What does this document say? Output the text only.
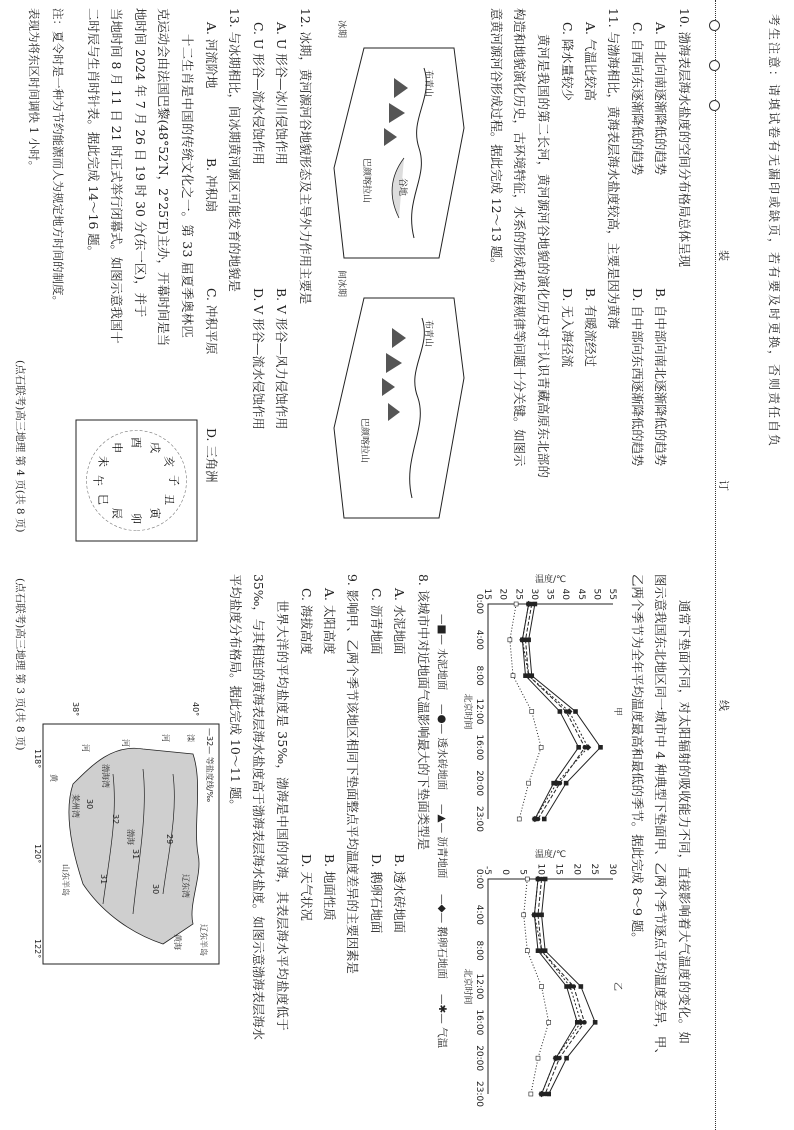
考生注意：请填试卷有无漏印或缺页，若有要及时更换，否则责任自负
装
订
线

10. 渤海表层海水盐度的空间分布格局总体呈现

A. 自北向南逐渐降低的趋势
B. 自中部向南北逐渐降低的趋势
C. 自西向东逐渐降低的趋势
D. 自中部向东西逐渐降低的趋势

11. 与渤海相比，黄海表层海水盐度较高，主要是因为黄海

A. 气温比较高
B. 有暖流经过
C. 降水量较少
D. 无入海径流

黄河是我国的第二长河，黄河源河谷地貌的演化历史对于认识青藏高原东北部的

构造和地貌演化历史，古环境特征，水系的形成和发展规律等问题十分关键。如图示

意黄河源河谷形成过程。据此完成 12～13 题。

冰期
布青山
巴颜喀拉山	谷地
间冰期
布青山
巴颜喀拉山

12. 冰期，黄河源河谷地貌形态及主导外力作用主要是

A. U 形谷—冰川侵蚀作用
B. V 形谷—风力侵蚀作用
C. U 形谷—流水侵蚀作用
D. V 形谷—流水侵蚀作用

13. 与冰期相比，间冰期黄河源区可能发育的地貌是

A. 河流阶地
B. 冲积扇
C. 冲积平原
D. 三角洲

十二生肖是中国的传统文化之一。第 33 届夏季奥林匹

克运动会由法国巴黎(48°52′N，2°25′E)主办，开幕时间是当

地时间 2024 年 7 月 26 日 19 时 30 分(东一区)，并于

当地时间 8 月 11 日 21 时正式举行闭幕式。如图示意我国十

二时辰与生肖时针表。据此完成 14～16 题。

子
丑
寅
卯
辰
巳
午
未
申 酉 戌
亥

注：夏令时是一种为节约能源而人为规定地方时间的制度。

表现为将东区时间调快 1 小时。

(点石联考)高三地理 第 4 页(共 8 页)

通常下垫面不同，对太阳辐射的吸收能力不同，直接影响着大气温度的变化。如

图示意我国东北地区同一城市中 4 种典型下垫面甲、乙两个季节逐点平均温度差异，甲、

乙两个季节为全年平均温度最高和最低的季节。据此完成 8～9 题。

15 20 25 30 35 40 45 50 55
0:00
4:00
8:00
12:00
16:00
20:00
23:00
北京时间
温度/℃
甲
-5 0 5 10 15 20 25 30
0:00
4:00
8:00
12:00
16:00
20:00
23:00
北京时间
温度/℃
乙
—■— 水泥地面
—●— 透水砖地面
—▲— 沥青地面
—◆— 鹅卵石地面
—✱— 气温

8. 该城市中对近地面气温影响最大的下垫面类型是

A. 水泥地面
B. 透水砖地面
C. 沥青地面
D. 鹅卵石地面

9. 影响甲、乙两个季节该地区相同下垫面整点平均温度差异的主要因素是

A. 太阳高度
B. 地面性质
C. 海拔高度
D. 天气状况

世界大洋的平均盐度是 35‰，渤海是中国的内海，其表层海水平均盐度低于

35‰，与其相连的黄海表层海水盐度高于渤海表层海水盐度。如图示意渤海表层海水

平均盐度分布格局。据此完成 10～11 题。

—32— 等盐度线/‰
辽东半岛
黄海
辽东湾
渤海湾
莱州湾
渤海
山东半岛
河
河
河
黄
滦
29
30
31
32
31
30
118°
120°
122°
40°
38°
(点石联考)高三地理 第 3 页(共 8 页)
